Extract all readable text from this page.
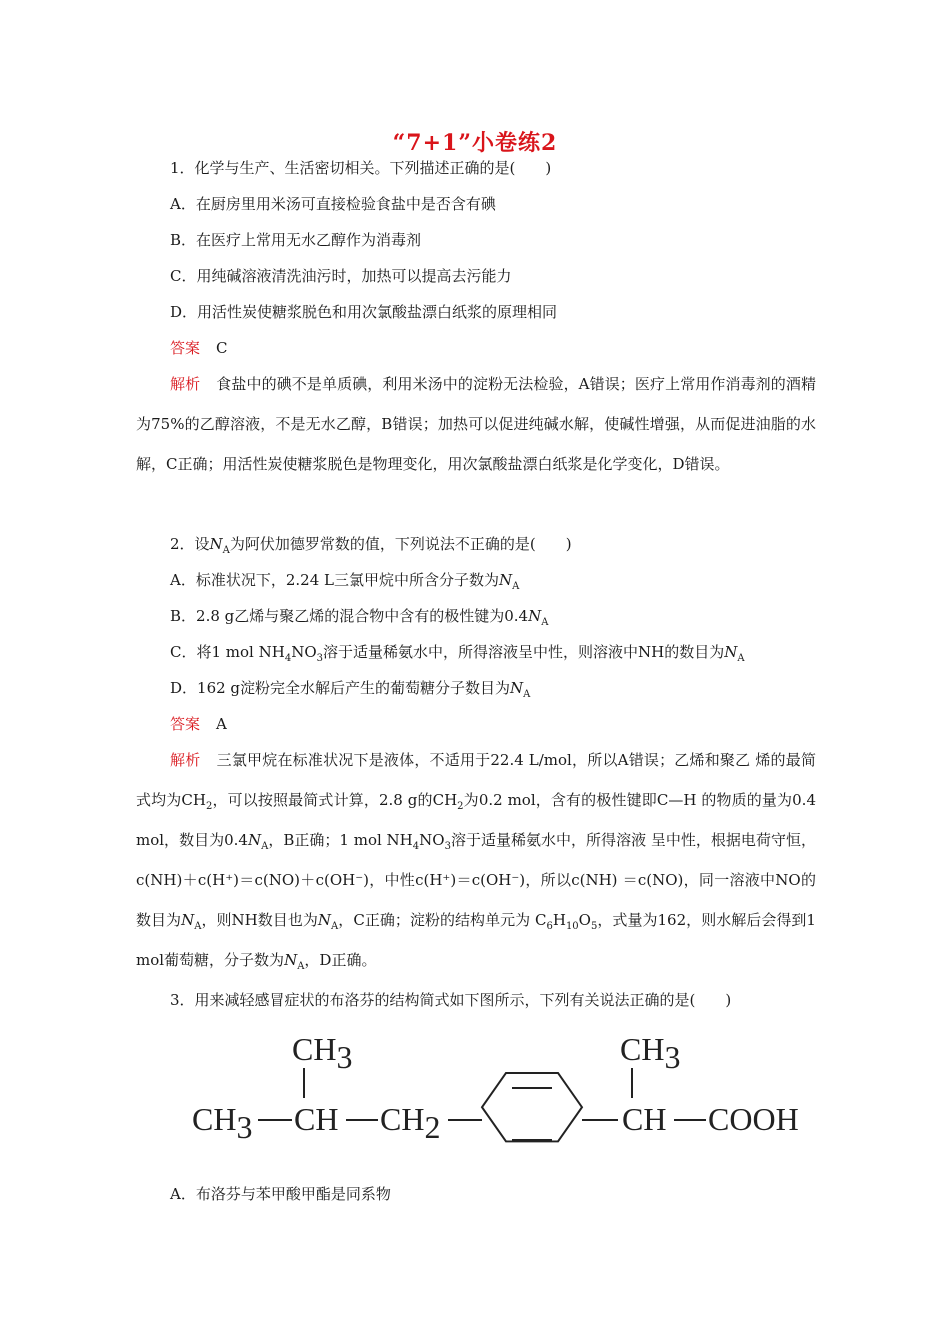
“7+1”小卷练2
1．化学与生产、生活密切相关。下列描述正确的是(　　)
A．在厨房里用米汤可直接检验食盐中是否含有碘
B．在医疗上常用无水乙醇作为消毒剂
C．用纯碱溶液清洗油污时，加热可以提高去污能力
D．用活性炭使糖浆脱色和用次氯酸盐漂白纸浆的原理相同
答案 C
解析 食盐中的碘不是单质碘，利用米汤中的淀粉无法检验，A错误；医疗上常用作消毒剂的酒精为75%的乙醇溶液，不是无水乙醇，B错误；加热可以促进纯碱水解，使碱性增强，从而促进油脂的水解，C正确；用活性炭使糖浆脱色是物理变化，用次氯酸盐漂白纸浆是化学变化，D错误。
2．设$N_A$为阿伏加德罗常数的值，下列说法不正确的是(　　)
A．标准状况下，2.24 L三氯甲烷中所含分子数为$N_A$
B．2.8 g乙烯与聚乙烯的混合物中含有的极性键为$0.4N_A$
C．将1 mol $NH_4NO_3$溶于适量稀氨水中，所得溶液呈中性，则溶液中NH的数目为$N_A$
D．162 g淀粉完全水解后产生的葡萄糖分子数目为$N_A$
答案 A
解析 三氯甲烷在标准状况下是液体，不适用于22.4 L/mol，所以A错误；乙烯和聚乙 烯的最简式均为$CH_2$，可以按照最简式计算，2.8 g的$CH_2$为0.2 mol，含有的极性键即C—H 的物质的量为0.4 mol，数目为$0.4N_A$，B正确；1 mol $NH_4NO_3$溶于适量稀氨水中，所得溶液 呈中性，根据电荷守恒，c(NH)＋c(H⁺)＝c(NO)＋c(OH⁻)，中性c(H⁺)＝c(OH⁻)，所以c(NH) ＝c(NO)，同一溶液中NO的数目为$N_A$，则NH数目也为$N_A$，C正确；淀粉的结构单元为 $C_6H_{10}O_5$，式量为162，则水解后会得到1 mol葡萄糖，分子数为$N_A$，D正确。
3．用来减轻感冒症状的布洛芬的结构简式如下图所示，下列有关说法正确的是(　　)
CH3
CH3 CH CH2
CH3
CH COOH
A．布洛芬与苯甲酸甲酯是同系物
